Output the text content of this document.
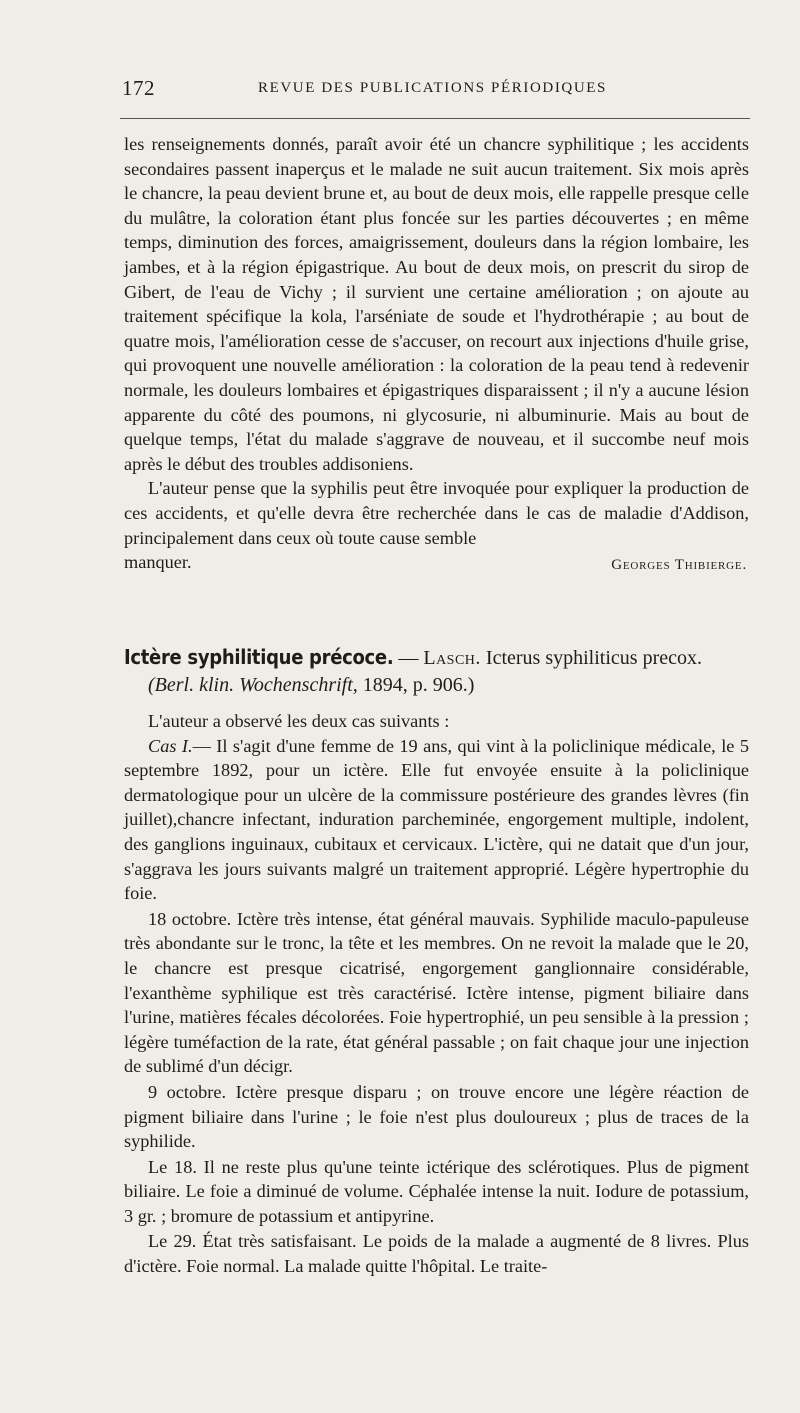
172	REVUE DES PUBLICATIONS PÉRIODIQUES

les renseignements donnés, paraît avoir été un chancre syphilitique ; les accidents secondaires passent inaperçus et le malade ne suit aucun traitement. Six mois après le chancre, la peau devient brune et, au bout de deux mois, elle rappelle presque celle du mulâtre, la coloration étant plus foncée sur les parties découvertes ; en même temps, diminution des forces, amaigrissement, douleurs dans la région lombaire, les jambes, et à la région épigastrique. Au bout de deux mois, on prescrit du sirop de Gibert, de l'eau de Vichy ; il survient une certaine amélioration ; on ajoute au traitement spécifique la kola, l'arséniate de soude et l'hydrothérapie ; au bout de quatre mois, l'amélioration cesse de s'accuser, on recourt aux injections d'huile grise, qui provoquent une nouvelle amélioration : la coloration de la peau tend à redevenir normale, les douleurs lombaires et épigastriques disparaissent ; il n'y a aucune lésion apparente du côté des poumons, ni glycosurie, ni albuminurie. Mais au bout de quelque temps, l'état du malade s'aggrave de nouveau, et il succombe neuf mois après le début des troubles addisoniens.

L'auteur pense que la syphilis peut être invoquée pour expliquer la production de ces accidents, et qu'elle devra être recherchée dans le cas de maladie d'Addison, principalement dans ceux où toute cause semble

manquer.	Georges Thibierge.
Ictère syphilitique précoce. — Lasch. Icterus syphiliticus precox.
(Berl. klin. Wochenschrift, 1894, p. 906.)

L'auteur a observé les deux cas suivants :

Cas I.— Il s'agit d'une femme de 19 ans, qui vint à la policlinique médicale, le 5 septembre 1892, pour un ictère. Elle fut envoyée ensuite à la policlinique dermatologique pour un ulcère de la commissure postérieure des grandes lèvres (fin juillet),chancre infectant, induration parcheminée, engorgement multiple, indolent, des ganglions inguinaux, cubitaux et cervicaux. L'ictère, qui ne datait que d'un jour, s'aggrava les jours suivants malgré un traitement approprié. Légère hypertrophie du foie.

18 octobre. Ictère très intense, état général mauvais. Syphilide maculo-papuleuse très abondante sur le tronc, la tête et les membres. On ne revoit la malade que le 20, le chancre est presque cicatrisé, engorgement ganglionnaire considérable, l'exanthème syphilique est très caractérisé. Ictère intense, pigment biliaire dans l'urine, matières fécales décolorées. Foie hypertrophié, un peu sensible à la pression ; légère tuméfaction de la rate, état général passable ; on fait chaque jour une injection de sublimé d'un décigr.

9 octobre. Ictère presque disparu ; on trouve encore une légère réaction de pigment biliaire dans l'urine ; le foie n'est plus douloureux ; plus de traces de la syphilide.

Le 18. Il ne reste plus qu'une teinte ictérique des sclérotiques. Plus de pigment biliaire. Le foie a diminué de volume. Céphalée intense la nuit. Iodure de potassium, 3 gr. ; bromure de potassium et antipyrine.

Le 29. État très satisfaisant. Le poids de la malade a augmenté de 8 livres. Plus d'ictère. Foie normal. La malade quitte l'hôpital. Le traite-
